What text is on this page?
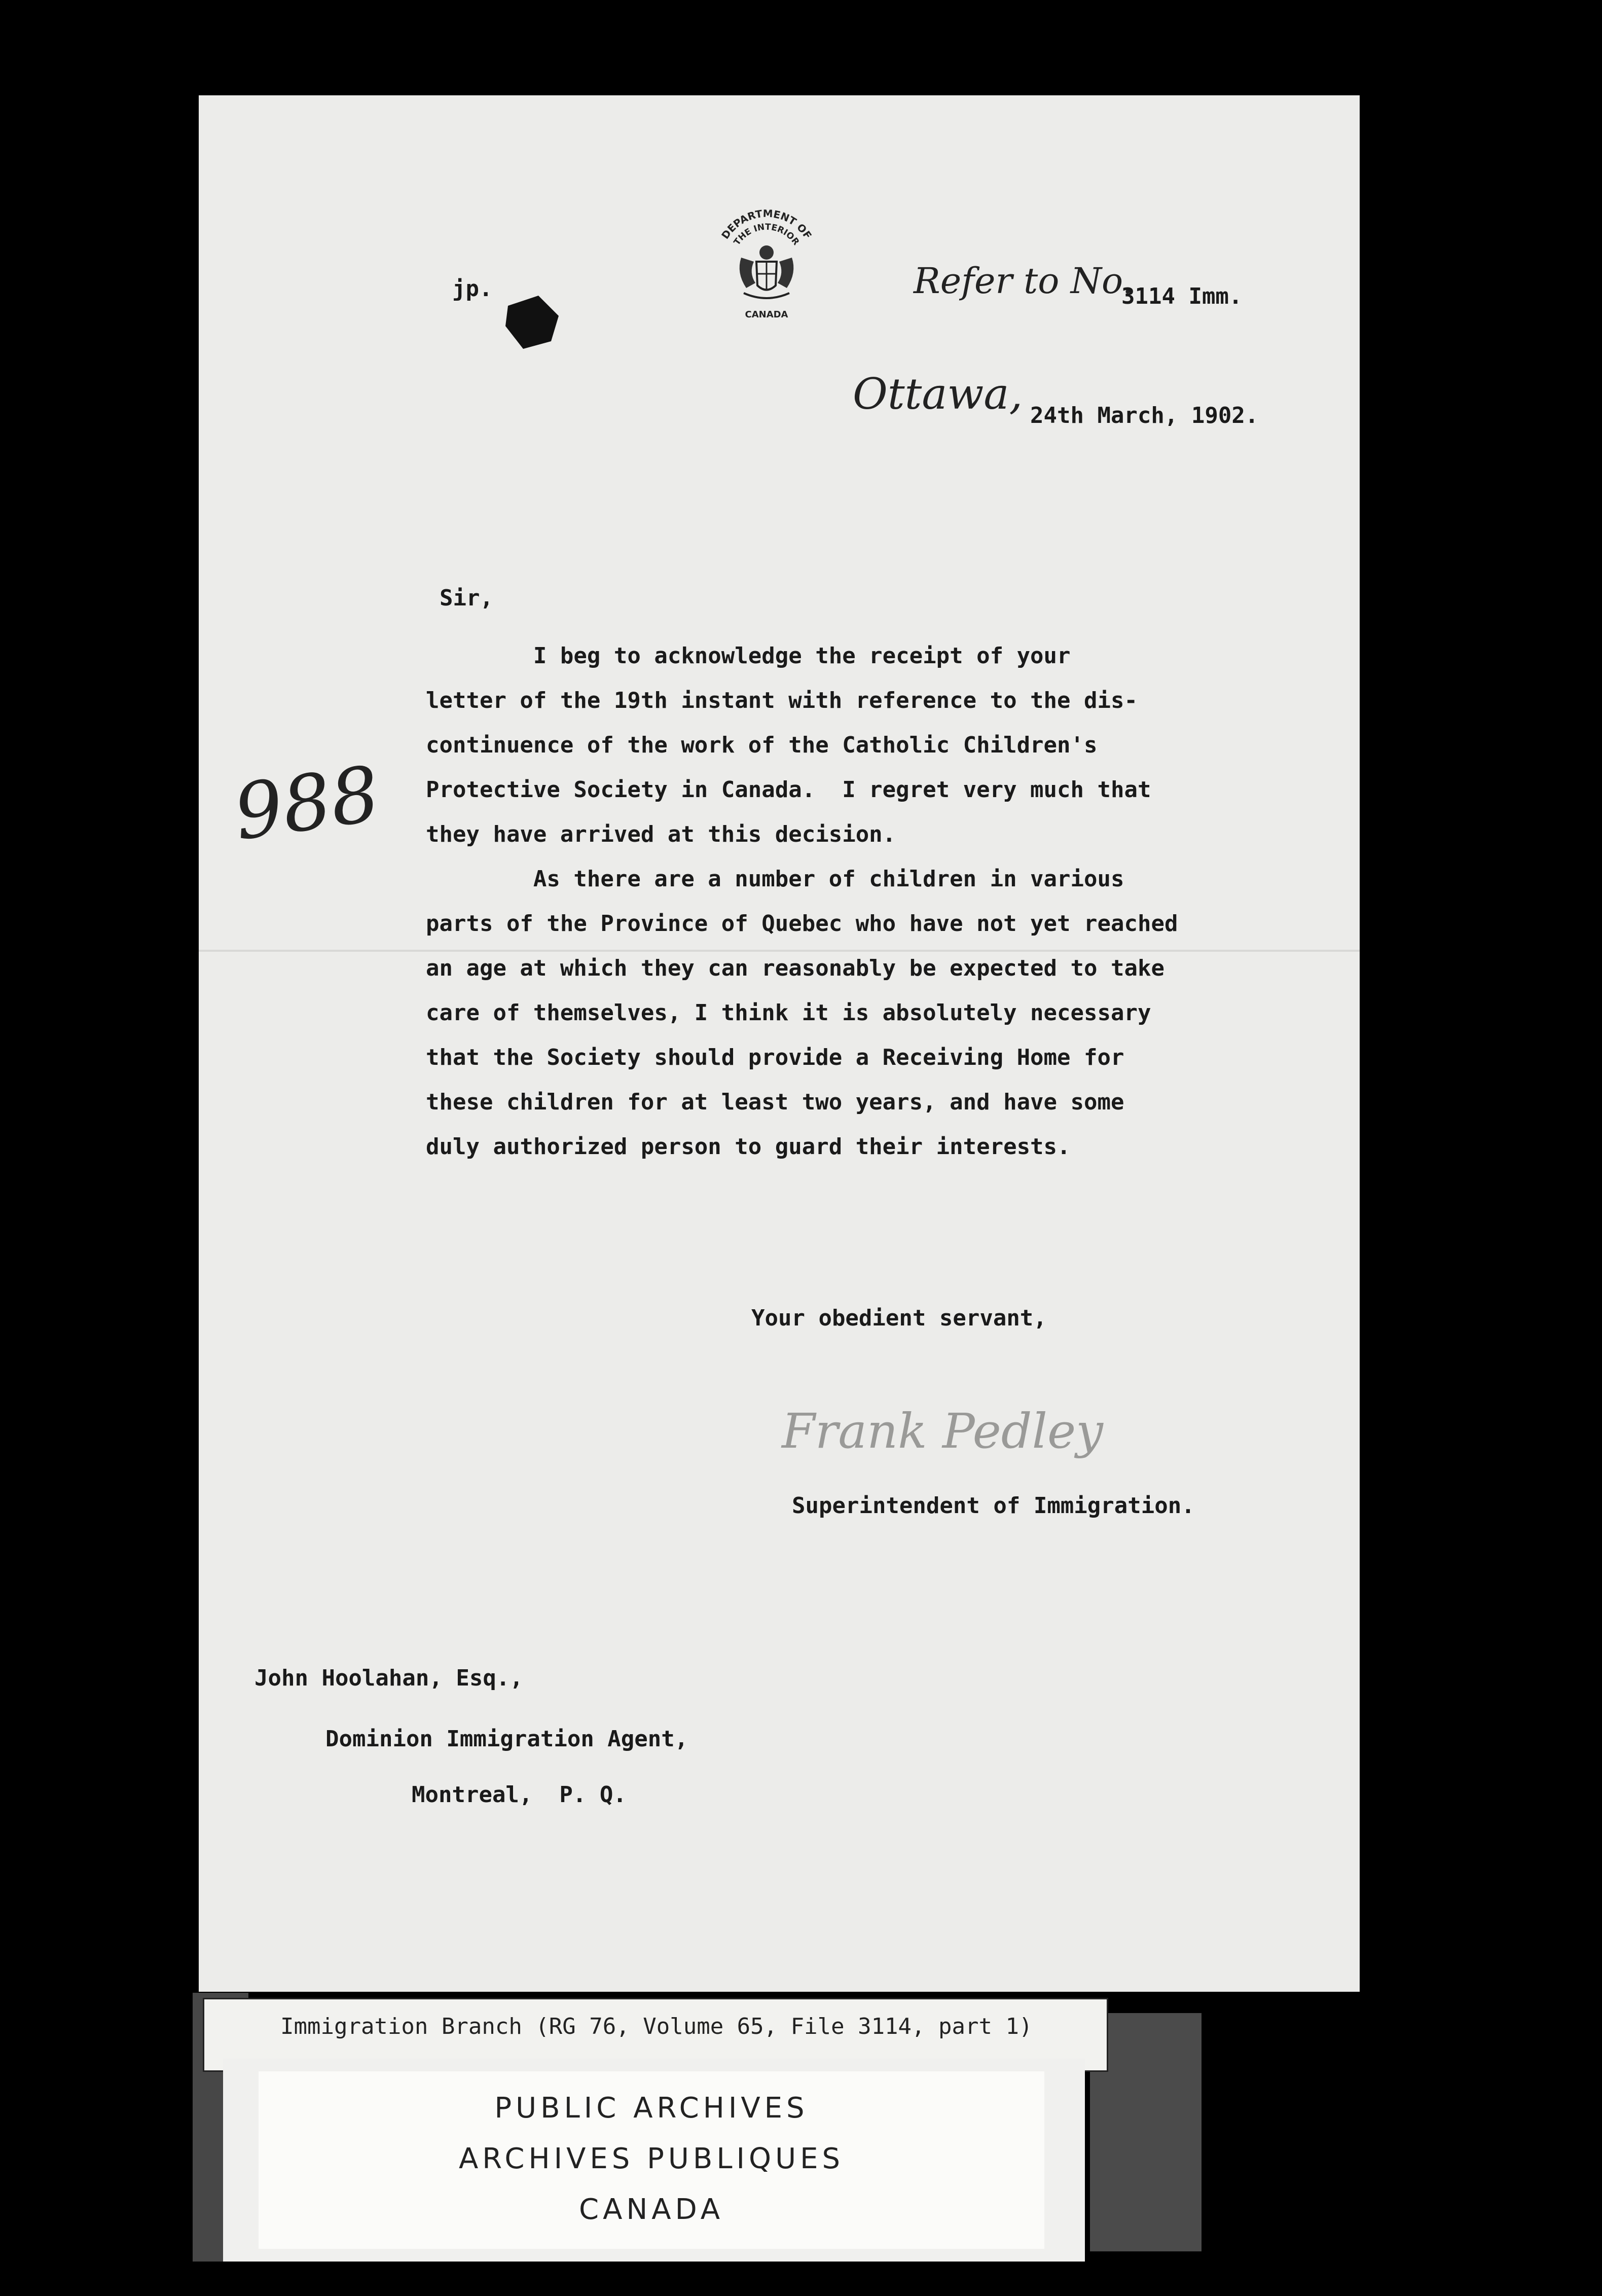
DEPARTMENT OF
THE INTERIOR
CANADA
jp.	Refer to No.
3114 Imm.
Ottawa, 24th March, 1902.
Sir,
I beg to acknowledge the receipt of your
letter of the 19th instant with reference to the dis-
continuence of the work of the Catholic Children's
Protective Society in Canada.  I regret very much that
they have arrived at this decision.
As there are a number of children in various
parts of the Province of Quebec who have not yet reached
an age at which they can reasonably be expected to take
care of themselves, I think it is absolutely necessary
that the Society should provide a Receiving Home for
these children for at least two years, and have some
duly authorized person to guard their interests.
988
Your obedient servant,
Frank Pedley
Superintendent of Immigration.
John Hoolahan, Esq.,
Dominion Immigration Agent,
Montreal,  P. Q.
Immigration Branch (RG 76, Volume 65, File 3114, part 1)
PUBLIC ARCHIVES
ARCHIVES PUBLIQUES
CANADA
